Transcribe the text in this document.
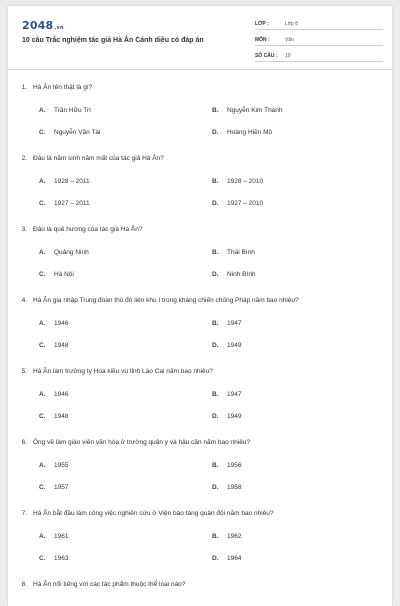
2048.vn
10 câu Trắc nghiệm tác giả Hà Ân Cánh diều có đáp án
LỚP :	Lớp 8
MÔN :	Văn
SỐ CÂU :	10
1. Hà Ân tên thật là gì?
A.	Trần Hữu Trí	B.	Nguyễn Kim Thành
C.	Nguyễn Văn Tài	D.	Hoàng Hiền Mô
2. Đâu là năm sinh năm mất của tác giả Hà Ân?
A.	1928 – 2011	B.	1928 – 2010
C.	1927 – 2011	D.	1927 – 2010
3. Đâu là quê hương của tác giả Hà Ân?
A.	Quảng Ninh	B.	Thái Bình
C.	Hà Nội	D.	Ninh Bình
4. Hà Ân gia nhập Trung đoàn thủ đô liên khu I trong kháng chiến chống Pháp năm bao nhiêu?
A.	1946	B.	1947
C.	1948	D.	1949
5. Hà Ân làm trưởng ty Hoa kiều vụ tỉnh Lào Cai năm bao nhiêu?
A.	1946	B.	1947
C.	1948	D.	1949
6. Ông về làm giáo viên văn hóa ở trường quân y và hậu cần năm bao nhiêu?
A.	1955	B.	1956
C.	1957	D.	1958
7. Hà Ân bắt đầu làm công việc nghiên cứu ở Viện bảo tàng quân đội năm bao nhiêu?
A.	1961	B.	1962
C.	1963	D.	1964
8. Hà Ân nổi tiếng với các tác phẩm thuộc thể loại nào?
